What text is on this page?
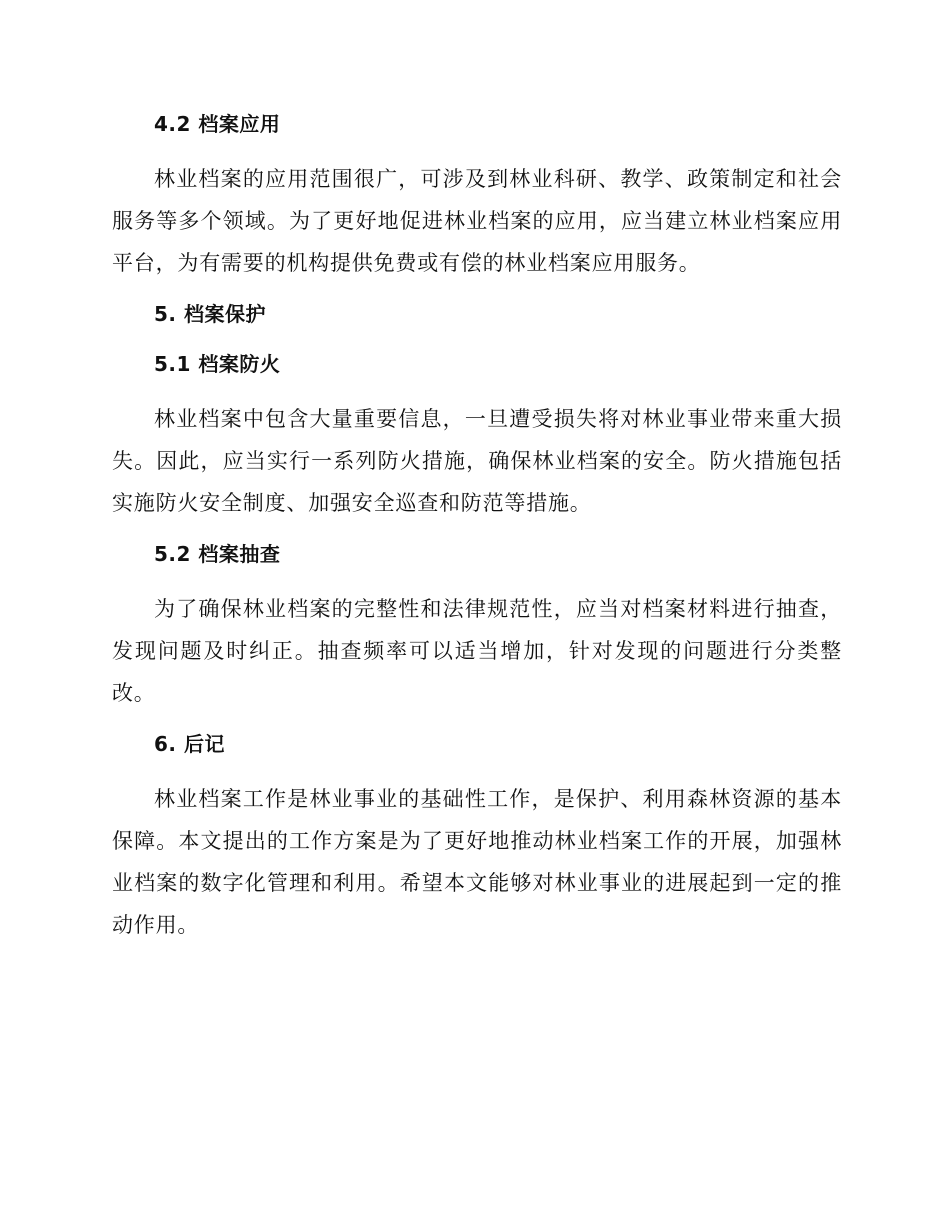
4.2 档案应用

林业档案的应用范围很广，可涉及到林业科研、教学、政策制定和社会服务等多个领域。为了更好地促进林业档案的应用，应当建立林业档案应用平台，为有需要的机构提供免费或有偿的林业档案应用服务。

5. 档案保护
5.1 档案防火

林业档案中包含大量重要信息，一旦遭受损失将对林业事业带来重大损失。因此，应当实行一系列防火措施，确保林业档案的安全。防火措施包括实施防火安全制度、加强安全巡查和防范等措施。

5.2 档案抽查

为了确保林业档案的完整性和法律规范性，应当对档案材料进行抽查，发现问题及时纠正。抽查频率可以适当增加，针对发现的问题进行分类整改。

6. 后记

林业档案工作是林业事业的基础性工作，是保护、利用森林资源的基本保障。本文提出的工作方案是为了更好地推动林业档案工作的开展，加强林业档案的数字化管理和利用。希望本文能够对林业事业的进展起到一定的推动作用。
